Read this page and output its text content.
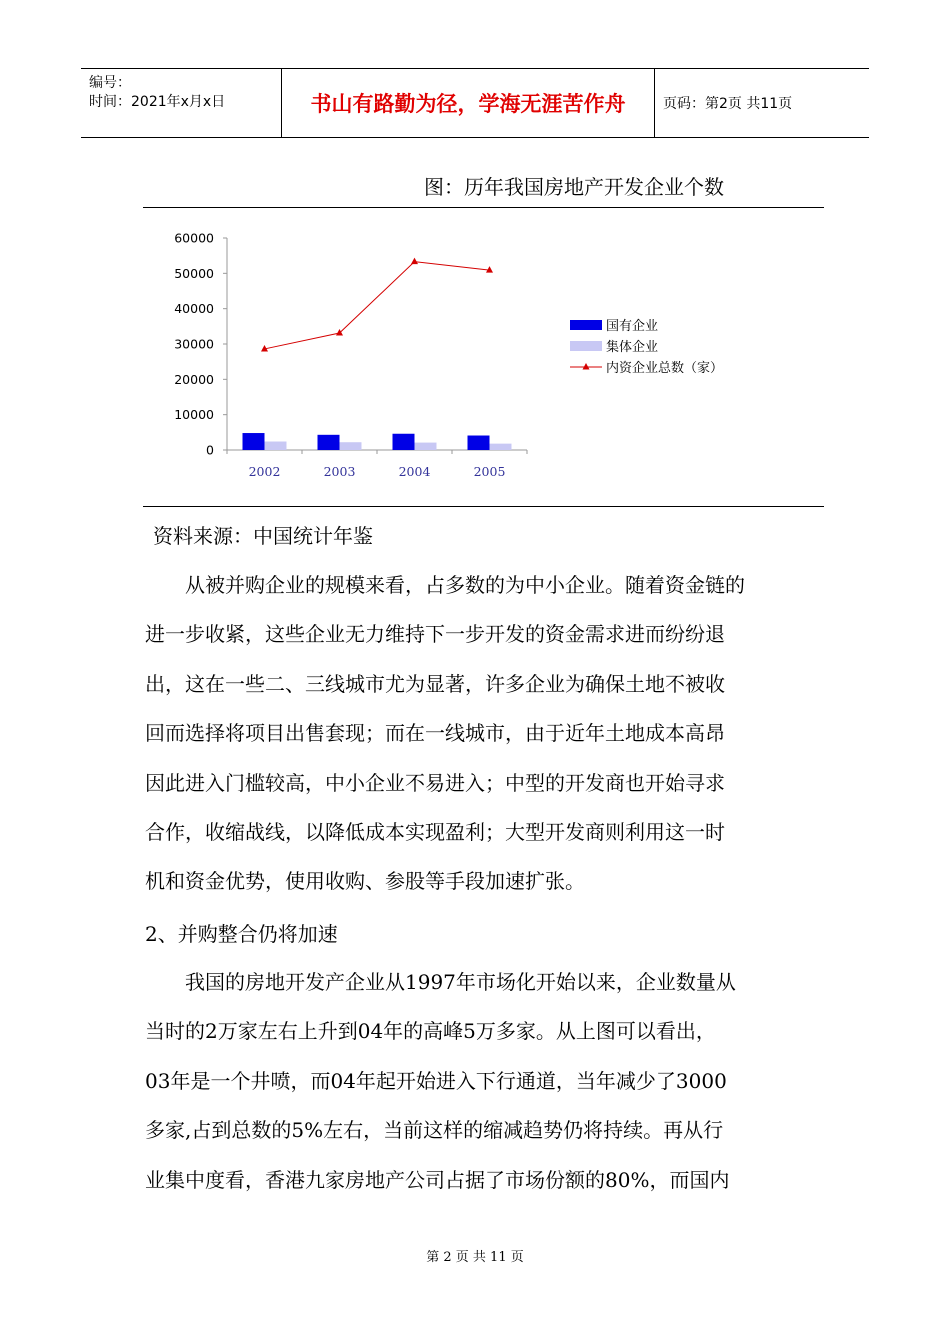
编号：
时间：2021年x月x日	书山有路勤为径，学海无涯苦作舟	页码：第2页 共11页
图：历年我国房地产开发企业个数
60000
50000
40000
30000
20000
10000
0
2002	2003	2004	2005
国有企业
集体企业
内资企业总数（家）
资料来源：中国统计年鉴
从被并购企业的规模来看，占多数的为中小企业。随着资金链的
进一步收紧，这些企业无力维持下一步开发的资金需求进而纷纷退
出，这在一些二、三线城市尤为显著，许多企业为确保土地不被收
回而选择将项目出售套现；而在一线城市，由于近年土地成本高昂
因此进入门槛较高，中小企业不易进入；中型的开发商也开始寻求
合作，收缩战线，以降低成本实现盈利；大型开发商则利用这一时
机和资金优势，使用收购、参股等手段加速扩张。
2、并购整合仍将加速
我国的房地开发产企业从1997年市场化开始以来，企业数量从
当时的2万家左右上升到04年的高峰5万多家。从上图可以看出，
03年是一个井喷，而04年起开始进入下行通道，当年减少了3000
多家,占到总数的5%左右，当前这样的缩减趋势仍将持续。再从行
业集中度看，香港九家房地产公司占据了市场份额的80%，而国内
第 2 页 共 11 页
